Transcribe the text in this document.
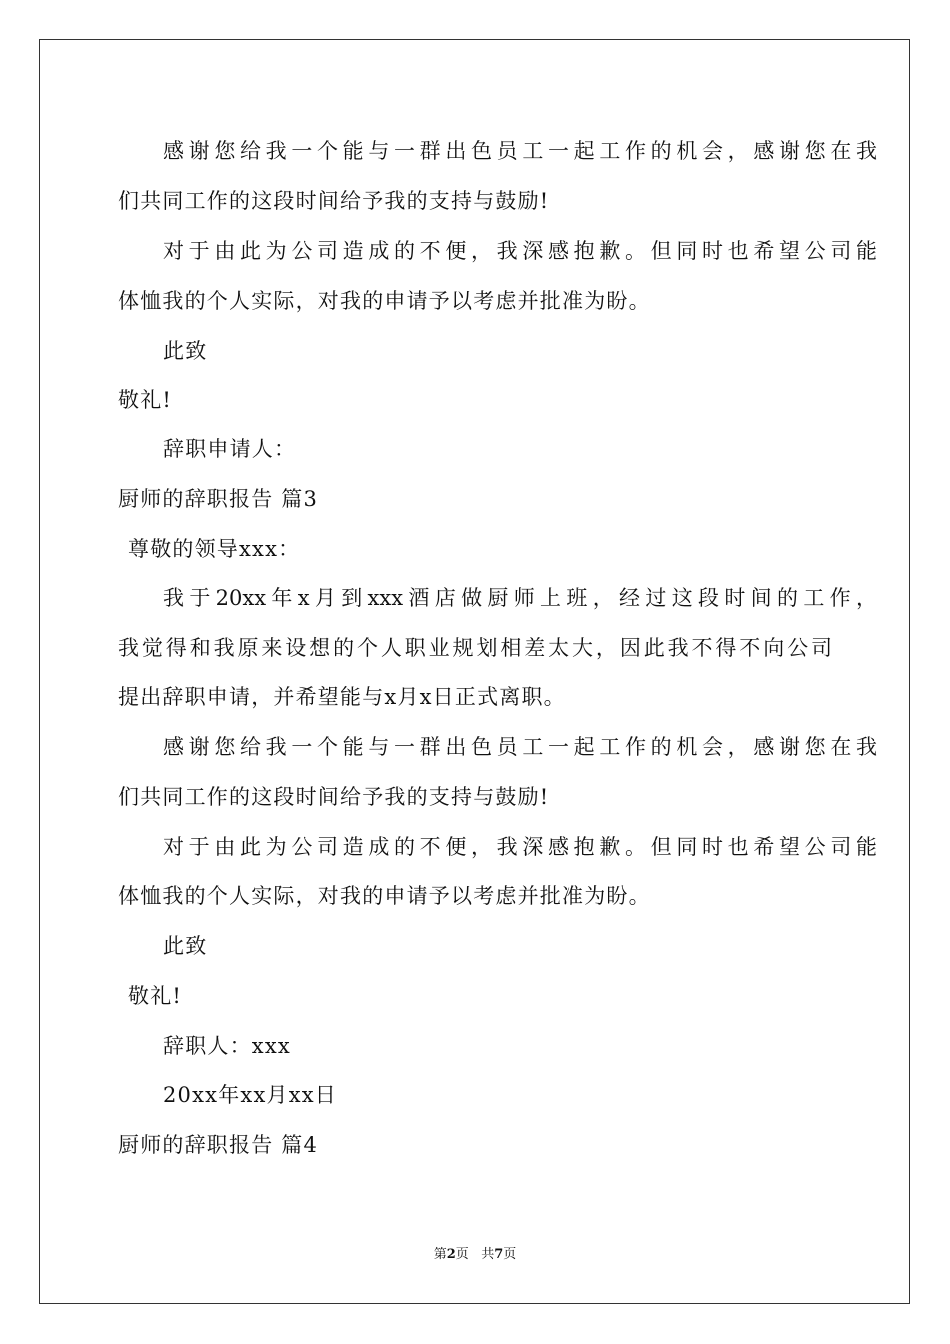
感谢您给我一个能与一群出色员工一起工作的机会，感谢您在我
们共同工作的这段时间给予我的支持与鼓励!
对于由此为公司造成的不便，我深感抱歉。但同时也希望公司能
体恤我的个人实际，对我的申请予以考虑并批准为盼。
此致
敬礼!
辞职申请人：
厨师的辞职报告 篇3
尊敬的领导xxx：
我于20xx年x月到xxx酒店做厨师上班，经过这段时间的工作，
我觉得和我原来设想的个人职业规划相差太大，因此我不得不向公司
提出辞职申请，并希望能与x月x日正式离职。
感谢您给我一个能与一群出色员工一起工作的机会，感谢您在我
们共同工作的这段时间给予我的支持与鼓励!
对于由此为公司造成的不便，我深感抱歉。但同时也希望公司能
体恤我的个人实际，对我的申请予以考虑并批准为盼。
此致
敬礼!
辞职人：xxx
20xx年xx月xx日
厨师的辞职报告 篇4
第2页 共7页
